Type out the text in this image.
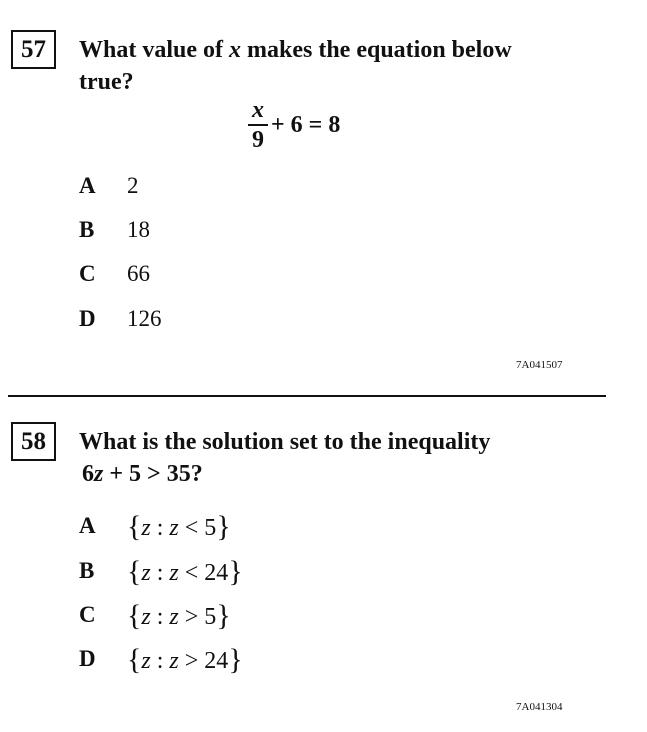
57	What value of x makes the equation below

true?

$\frac{x}{9} + 6 = 8$
A	2
B	18
C	66
D	126
7A041507
58	What is the solution set to the inequality

6z + 5 > 35?
A	{z : z < 5}
B	{z : z < 24}
C	{z : z > 5}
D	{z : z > 24}
7A041304
